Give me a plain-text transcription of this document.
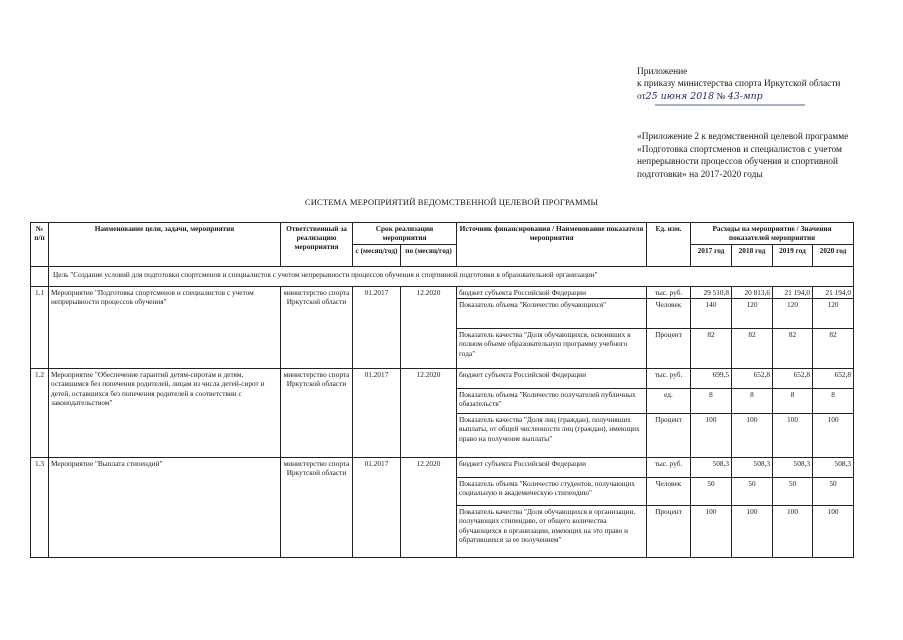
Приложение
к приказу министерства спорта Иркутской области
от25 июня 2018 № 43-мпр
«Приложение 2 к ведомственной целевой программе «Подготовка спортсменов и специалистов с учетом непрерывности процессов обучения и спортивной подготовки» на 2017-2020 годы
СИСТЕМА МЕРОПРИЯТИЙ ВЕДОМСТВЕННОЙ ЦЕЛЕВОЙ ПРОГРАММЫ
№ п/п	Наименование цели, задачи, мероприятия	Ответственный за реализацию мероприятия	Срок реализации мероприятия		Источник финансирования / Наименование показателя мероприятия	Ед. изм.	Расходы на мероприятие / Значения показателей мероприятия			
			с (месяц/год)	по (месяц/год)			2017 год	2018 год	2019 год	2020 год
	Цель "Создание условий для подготовки спортсменов и специалистов с учетом непрерывности процессов обучения и спортивной подготовки в образовательной организации"									
1.1	Мероприятие "Подготовка спортсменов и специалистов с учетом непрерывности процессов обучения"	министерство спорта Иркутской области	01.2017	12.2020	бюджет субъекта Российской Федерации	тыс. руб.	29 510,8	20 813,6	21 194,0	21 194,0
					Показатель объема "Количество обучающихся"	Человек	140	120	120	120
					Показатель качества "Доля обучающихся, освоивших в полном объеме образовательную программу учебного года"	Процент	82	82	82	82
1.2	Мероприятие "Обеспечение гарантий детям-сиротам и детям, оставшимся без попечения родителей, лицам из числа детей-сирот и детей, оставшихся без попечения родителей в соответствии с законодательством"	министерство спорта Иркутской области	01.2017	12.2020	бюджет субъекта Российской Федерации	тыс. руб.	699,5	652,8	652,8	652,8
					Показатель объема "Количество получателей публичных обязательств"	ед.	8	8	8	8
					Показатель качества "Доля лиц (граждан), получивших выплаты, от общей численности лиц (граждан), имеющих право на получение выплаты"	Процент	100	100	100	100
1.3	Мероприятие "Выплата стипендий"	министерство спорта Иркутской области	01.2017	12.2020	бюджет субъекта Российской Федерации	тыс. руб.	508,3	508,3	508,3	508,3
					Показатель объема "Количество студентов, получающих социальную и академическую стипендию"	Человек	50	50	50	50
					Показатель качества "Доля обучающихся в организации, получающих стипендию, от общего количества обучающихся в организации, имеющих на это право и обратившихся за ее получением"	Процент	100	100	100	100
